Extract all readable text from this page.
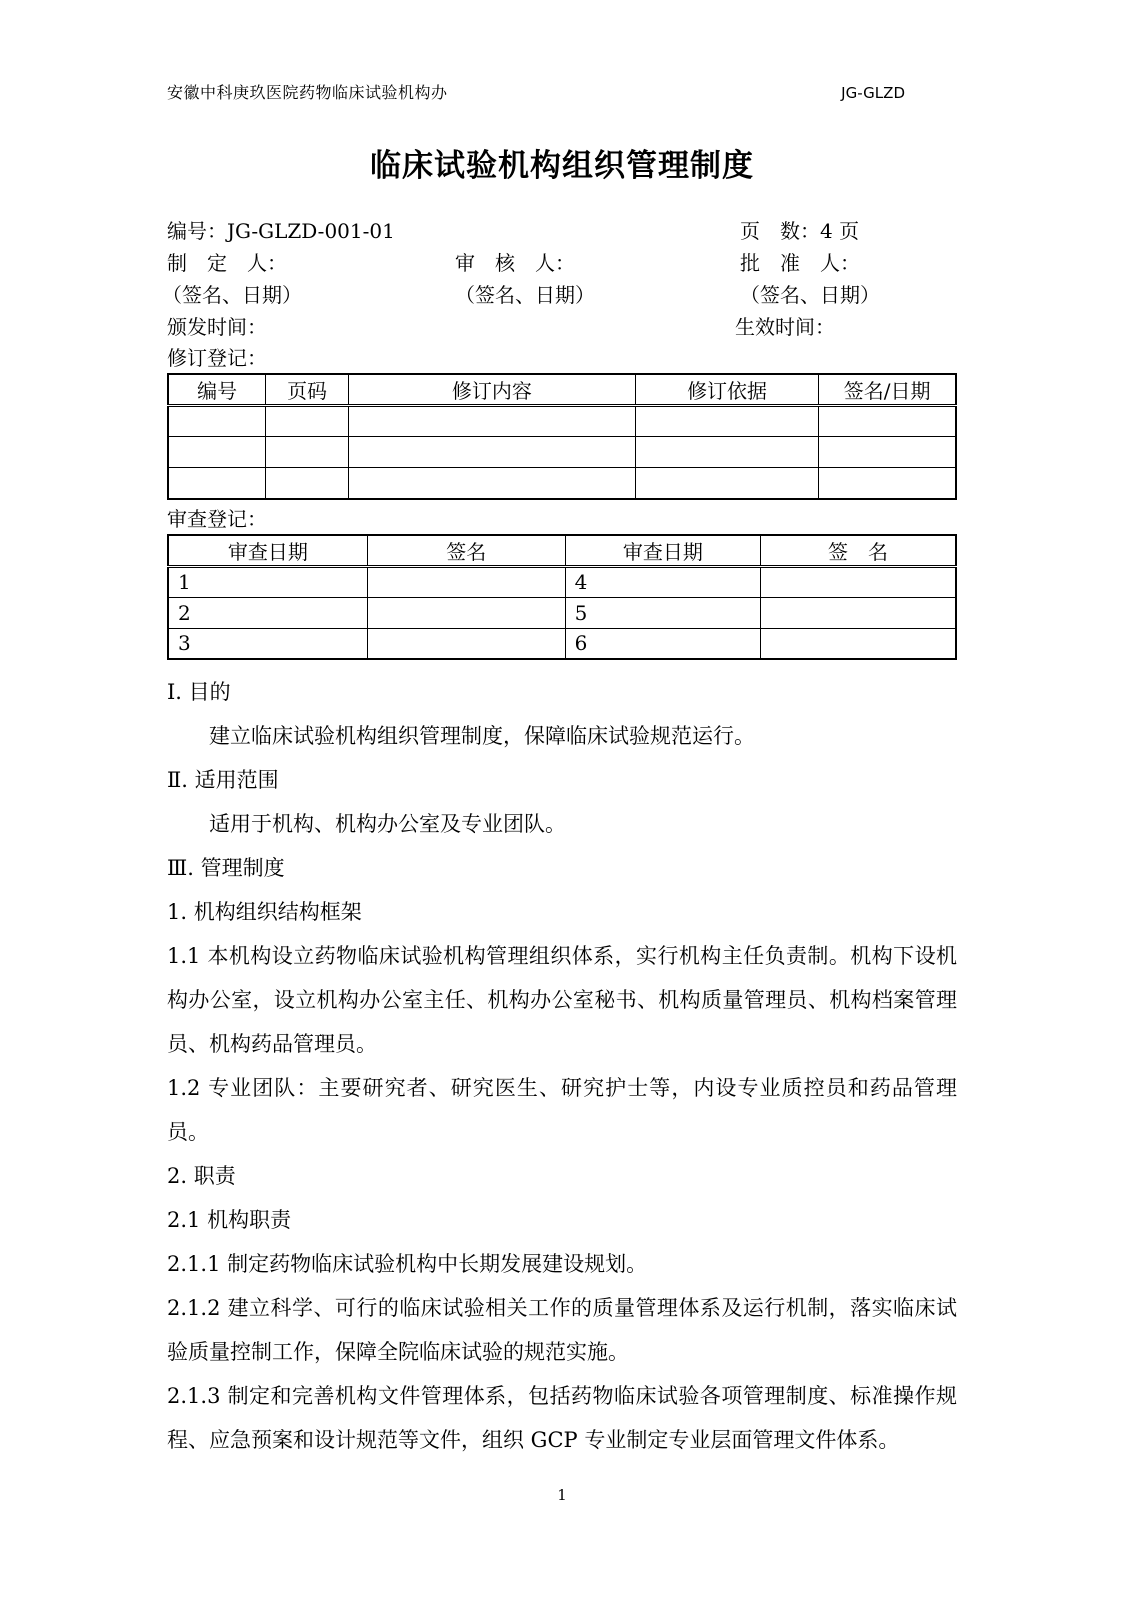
安徽中科庚玖医院药物临床试验机构办	JG-GLZD
临床试验机构组织管理制度
编号：JG-GLZD-001-01	页　数：4 页
制　定　人：	审　核　人：	批　准　人：
（签名、日期）	（签名、日期）	（签名、日期）
颁发时间：	生效时间：
修订登记：
编号	页码	修订内容	修订依据	签名/日期

审查登记：
审查日期	签名	审查日期	签　名
1		4	
2		5	
3		6	

Ⅰ. 目的

建立临床试验机构组织管理制度，保障临床试验规范运行。

Ⅱ. 适用范围

适用于机构、机构办公室及专业团队。

Ⅲ. 管理制度

1. 机构组织结构框架

1.1 本机构设立药物临床试验机构管理组织体系，实行机构主任负责制。机构下设机构办公室，设立机构办公室主任、机构办公室秘书、机构质量管理员、机构档案管理员、机构药品管理员。

1.2 专业团队：主要研究者、研究医生、研究护士等，内设专业质控员和药品管理员。

2. 职责

2.1 机构职责

2.1.1 制定药物临床试验机构中长期发展建设规划。

2.1.2 建立科学、可行的临床试验相关工作的质量管理体系及运行机制，落实临床试验质量控制工作，保障全院临床试验的规范实施。

2.1.3 制定和完善机构文件管理体系，包括药物临床试验各项管理制度、标准操作规程、应急预案和设计规范等文件，组织 GCP 专业制定专业层面管理文件体系。

1
